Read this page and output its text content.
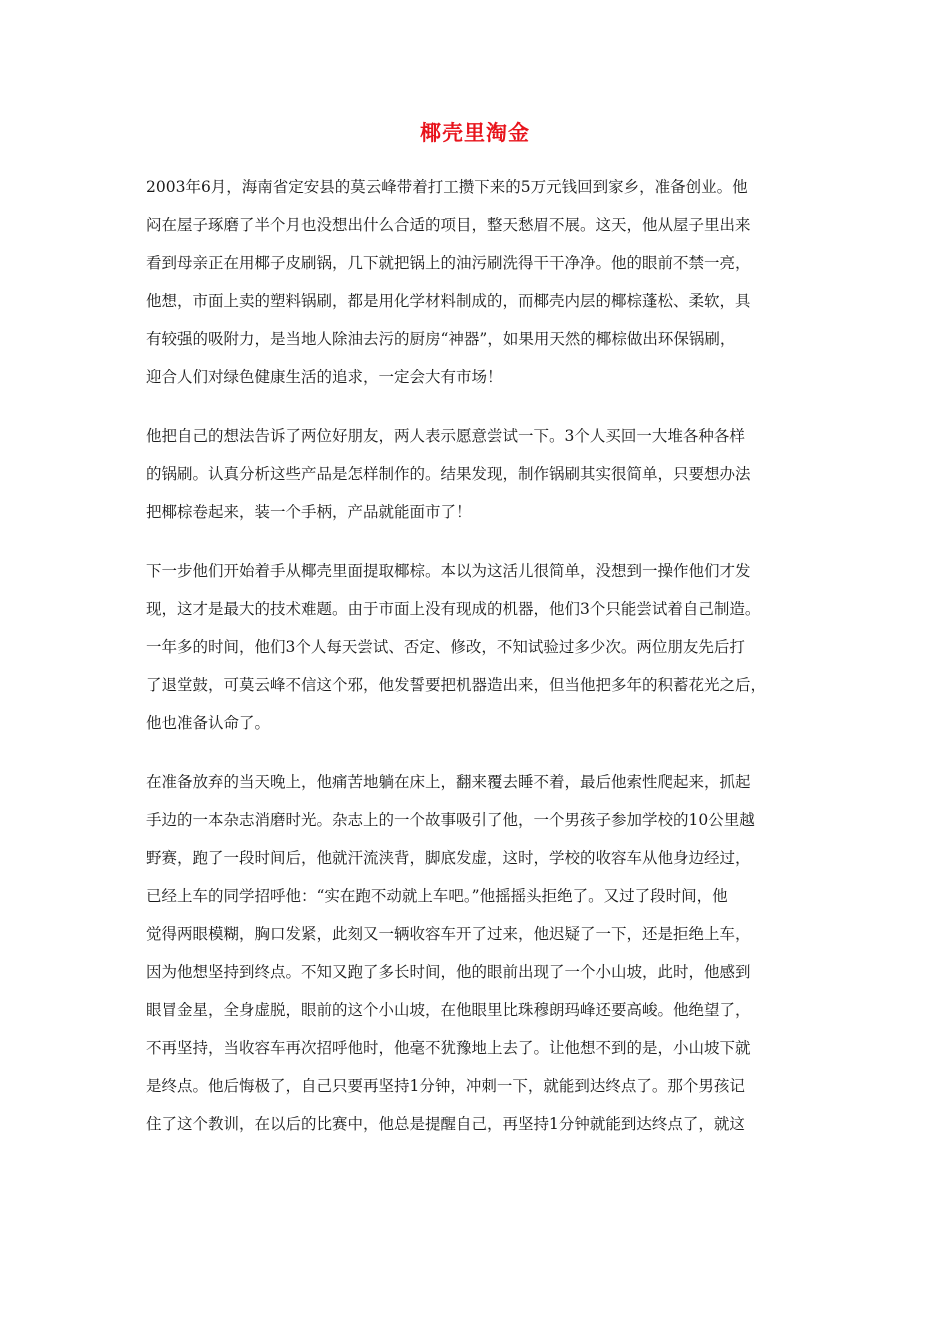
椰壳里淘金
2003年6月，海南省定安县的莫云峰带着打工攒下来的5万元钱回到家乡，准备创业。他
闷在屋子琢磨了半个月也没想出什么合适的项目，整天愁眉不展。这天，他从屋子里出来
看到母亲正在用椰子皮刷锅，几下就把锅上的油污刷洗得干干净净。他的眼前不禁一亮，
他想，市面上卖的塑料锅刷，都是用化学材料制成的，而椰壳内层的椰棕蓬松、柔软，具
有较强的吸附力，是当地人除油去污的厨房“神器”，如果用天然的椰棕做出环保锅刷，
迎合人们对绿色健康生活的追求，一定会大有市场！
他把自己的想法告诉了两位好朋友，两人表示愿意尝试一下。3个人买回一大堆各种各样
的锅刷。认真分析这些产品是怎样制作的。结果发现，制作锅刷其实很简单，只要想办法
把椰棕卷起来，装一个手柄，产品就能面市了！
下一步他们开始着手从椰壳里面提取椰棕。本以为这活儿很简单，没想到一操作他们才发
现，这才是最大的技术难题。由于市面上没有现成的机器，他们3个只能尝试着自己制造。
一年多的时间，他们3个人每天尝试、否定、修改，不知试验过多少次。两位朋友先后打
了退堂鼓，可莫云峰不信这个邪，他发誓要把机器造出来，但当他把多年的积蓄花光之后，
他也准备认命了。
在准备放弃的当天晚上，他痛苦地躺在床上，翻来覆去睡不着，最后他索性爬起来，抓起
手边的一本杂志消磨时光。杂志上的一个故事吸引了他，一个男孩子参加学校的10公里越
野赛，跑了一段时间后，他就汗流浃背，脚底发虚，这时，学校的收容车从他身边经过，
已经上车的同学招呼他：“实在跑不动就上车吧。”他摇摇头拒绝了。又过了段时间，他
觉得两眼模糊，胸口发紧，此刻又一辆收容车开了过来，他迟疑了一下，还是拒绝上车，
因为他想坚持到终点。不知又跑了多长时间，他的眼前出现了一个小山坡，此时，他感到
眼冒金星，全身虚脱，眼前的这个小山坡，在他眼里比珠穆朗玛峰还要高峻。他绝望了，
不再坚持，当收容车再次招呼他时，他毫不犹豫地上去了。让他想不到的是，小山坡下就
是终点。他后悔极了，自己只要再坚持1分钟，冲刺一下，就能到达终点了。那个男孩记
住了这个教训，在以后的比赛中，他总是提醒自己，再坚持1分钟就能到达终点了，就这
